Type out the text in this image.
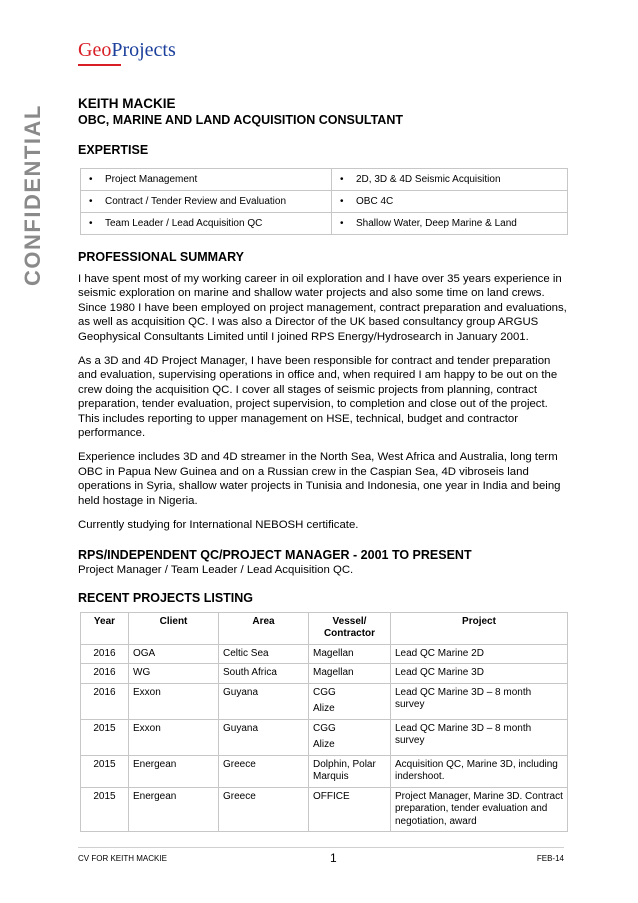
GeoProjects
CONFIDENTIAL
KEITH MACKIE
OBC, MARINE AND LAND ACQUISITION CONSULTANT
EXPERTISE
• Project Management	• 2D, 3D & 4D Seismic Acquisition
• Contract / Tender Review and Evaluation	• OBC 4C
• Team Leader / Lead Acquisition QC	• Shallow Water, Deep Marine & Land
PROFESSIONAL SUMMARY

I have spent most of my working career in oil exploration and I have over 35 years experience in seismic exploration on marine and shallow water projects and also some time on land crews. Since 1980 I have been employed on project management, contract preparation and evaluations, as well as acquisition QC. I was also a Director of the UK based consultancy group ARGUS Geophysical Consultants Limited until I joined RPS Energy/Hydrosearch in January 2001.

As a 3D and 4D Project Manager, I have been responsible for contract and tender preparation and evaluation, supervising operations in office and, when required I am happy to be out on the crew doing the acquisition QC. I cover all stages of seismic projects from planning, contract preparation, tender evaluation, project supervision, to completion and close out of the project. This includes reporting to upper management on HSE, technical, budget and contractor performance.

Experience includes 3D and 4D streamer in the North Sea, West Africa and Australia, long term OBC in Papua New Guinea and on a Russian crew in the Caspian Sea, 4D vibroseis land operations in Syria, shallow water projects in Tunisia and Indonesia, one year in India and being held hostage in Nigeria.

Currently studying for International NEBOSH certificate.

RPS/INDEPENDENT QC/PROJECT MANAGER - 2001 TO PRESENT
Project Manager / Team Leader / Lead Acquisition QC.
RECENT PROJECTS LISTING
Year	Client	Area	Vessel/ Contractor	Project

2016	OGA	Celtic Sea	Magellan	Lead QC Marine 2D

2016	WG	South Africa	Magellan	Lead QC Marine 3D

2016	Exxon	Guyana	CGG
Alize	Lead QC Marine 3D – 8 month survey

2015	Exxon	Guyana	CGG
Alize	Lead QC Marine 3D – 8 month survey

2015	Energean	Greece	Dolphin, Polar Marquis	Acquisition QC, Marine 3D, including indershoot.

2015	Energean	Greece	OFFICE	Project Manager, Marine 3D. Contract preparation, tender evaluation and negotiation, award
CV FOR KEITH MACKIE	1	FEB-14
